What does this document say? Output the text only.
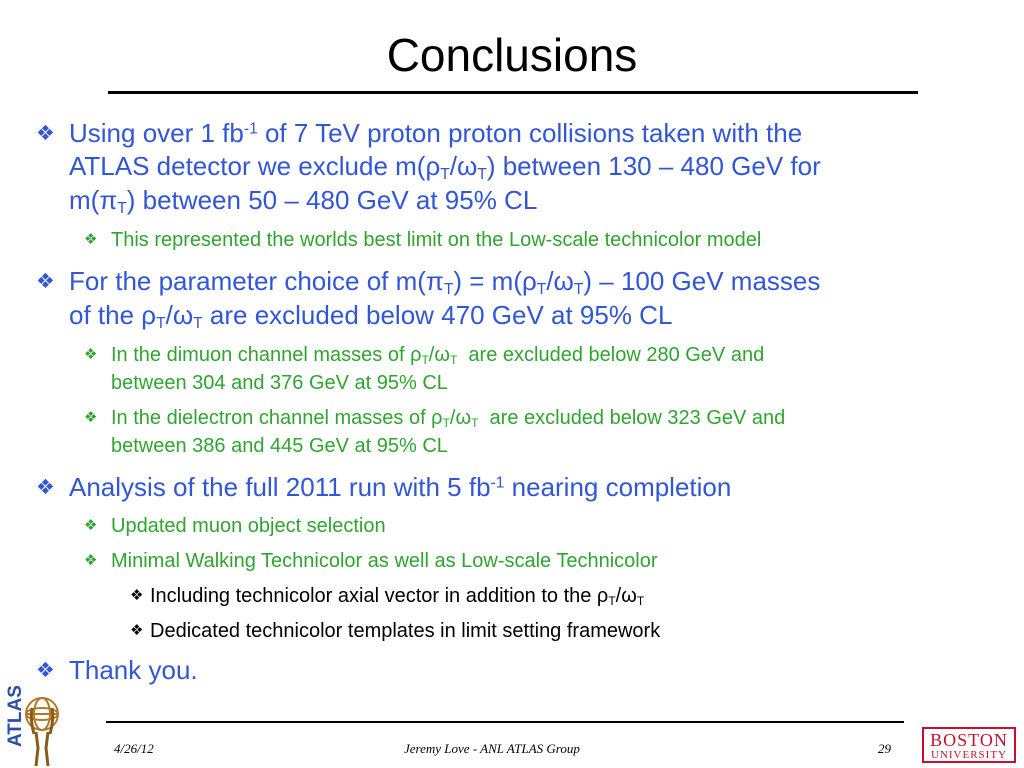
Conclusions
❖ Using over 1 $fb^{-1}$ of 7 TeV proton proton collisions taken with the
ATLAS detector we exclude $m(\rho_T/\omega_T)$ between 130 – 480 GeV for
$m(\pi_T)$ between 50 – 480 GeV at 95% CL
❖ This represented the worlds best limit on the Low-scale technicolor model
❖ For the parameter choice of $m(\pi_T) = m(\rho_T/\omega_T) - 100$ GeV masses
of the $\rho_T/\omega_T$ are excluded below 470 GeV at 95% CL
❖ In the dimuon channel masses of $\rho_T/\omega_T$  are excluded below 280 GeV and
between 304 and 376 GeV at 95% CL
❖ In the dielectron channel masses of $\rho_T/\omega_T$  are excluded below 323 GeV and
between 386 and 445 GeV at 95% CL
❖ Analysis of the full 2011 run with 5 $fb^{-1}$ nearing completion
❖ Updated muon object selection
❖ Minimal Walking Technicolor as well as Low-scale Technicolor
❖ Including technicolor axial vector in addition to the $\rho_T/\omega_T$
❖ Dedicated technicolor templates in limit setting framework
❖ Thank you.
4/26/12	Jeremy Love - ANL ATLAS Group	29
ATLAS	BOSTON
UNIVERSITY
